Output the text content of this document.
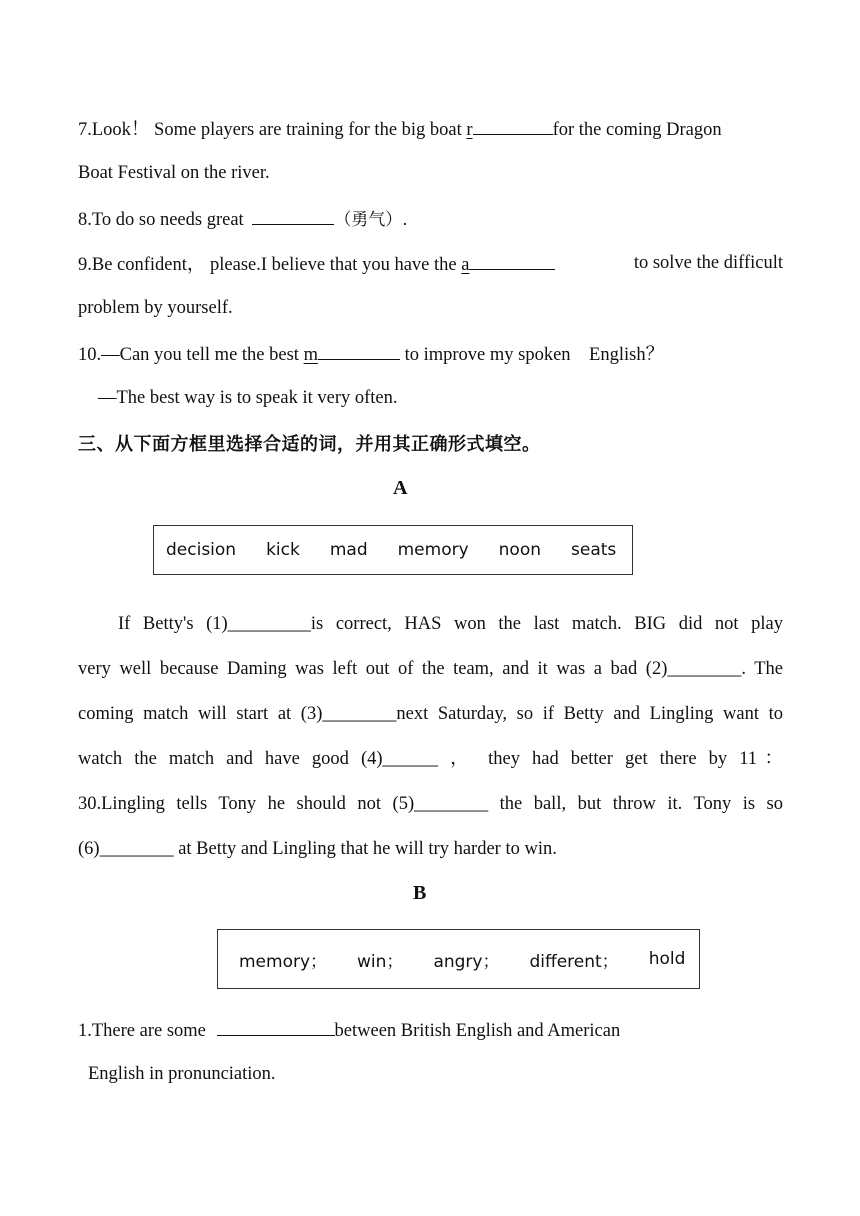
7.Look！ Some players are training for the big boat r	for the coming Dragon
Boat Festival on the river.
8.To do so needs great	（勇气）.
9.Be confident， please.I believe that you have the a	to solve the difficult
problem by yourself.
10.—Can you tell me the best m	to improve my spoken    English？
—The best way is to speak it very often.
三、从下面方框里选择合适的词，并用其正确形式填空。
A
decision kick mad memory noon seats
If Betty's (1)_________is correct, HAS won the last match. BIG did not play
very well because Daming was left out of the team, and it was a bad (2)________. The
coming match will start at (3)________next Saturday, so if Betty and Lingling want to
watch the match and have good (4)______ ， they had better get there by 11：
30.Lingling tells Tony he should not (5)________ the ball, but throw it. Tony is so
(6)________ at Betty and Lingling that he will try harder to win.
B
memory； win； angry； different； hold
1.There are some	between British English and American
English in pronunciation.
